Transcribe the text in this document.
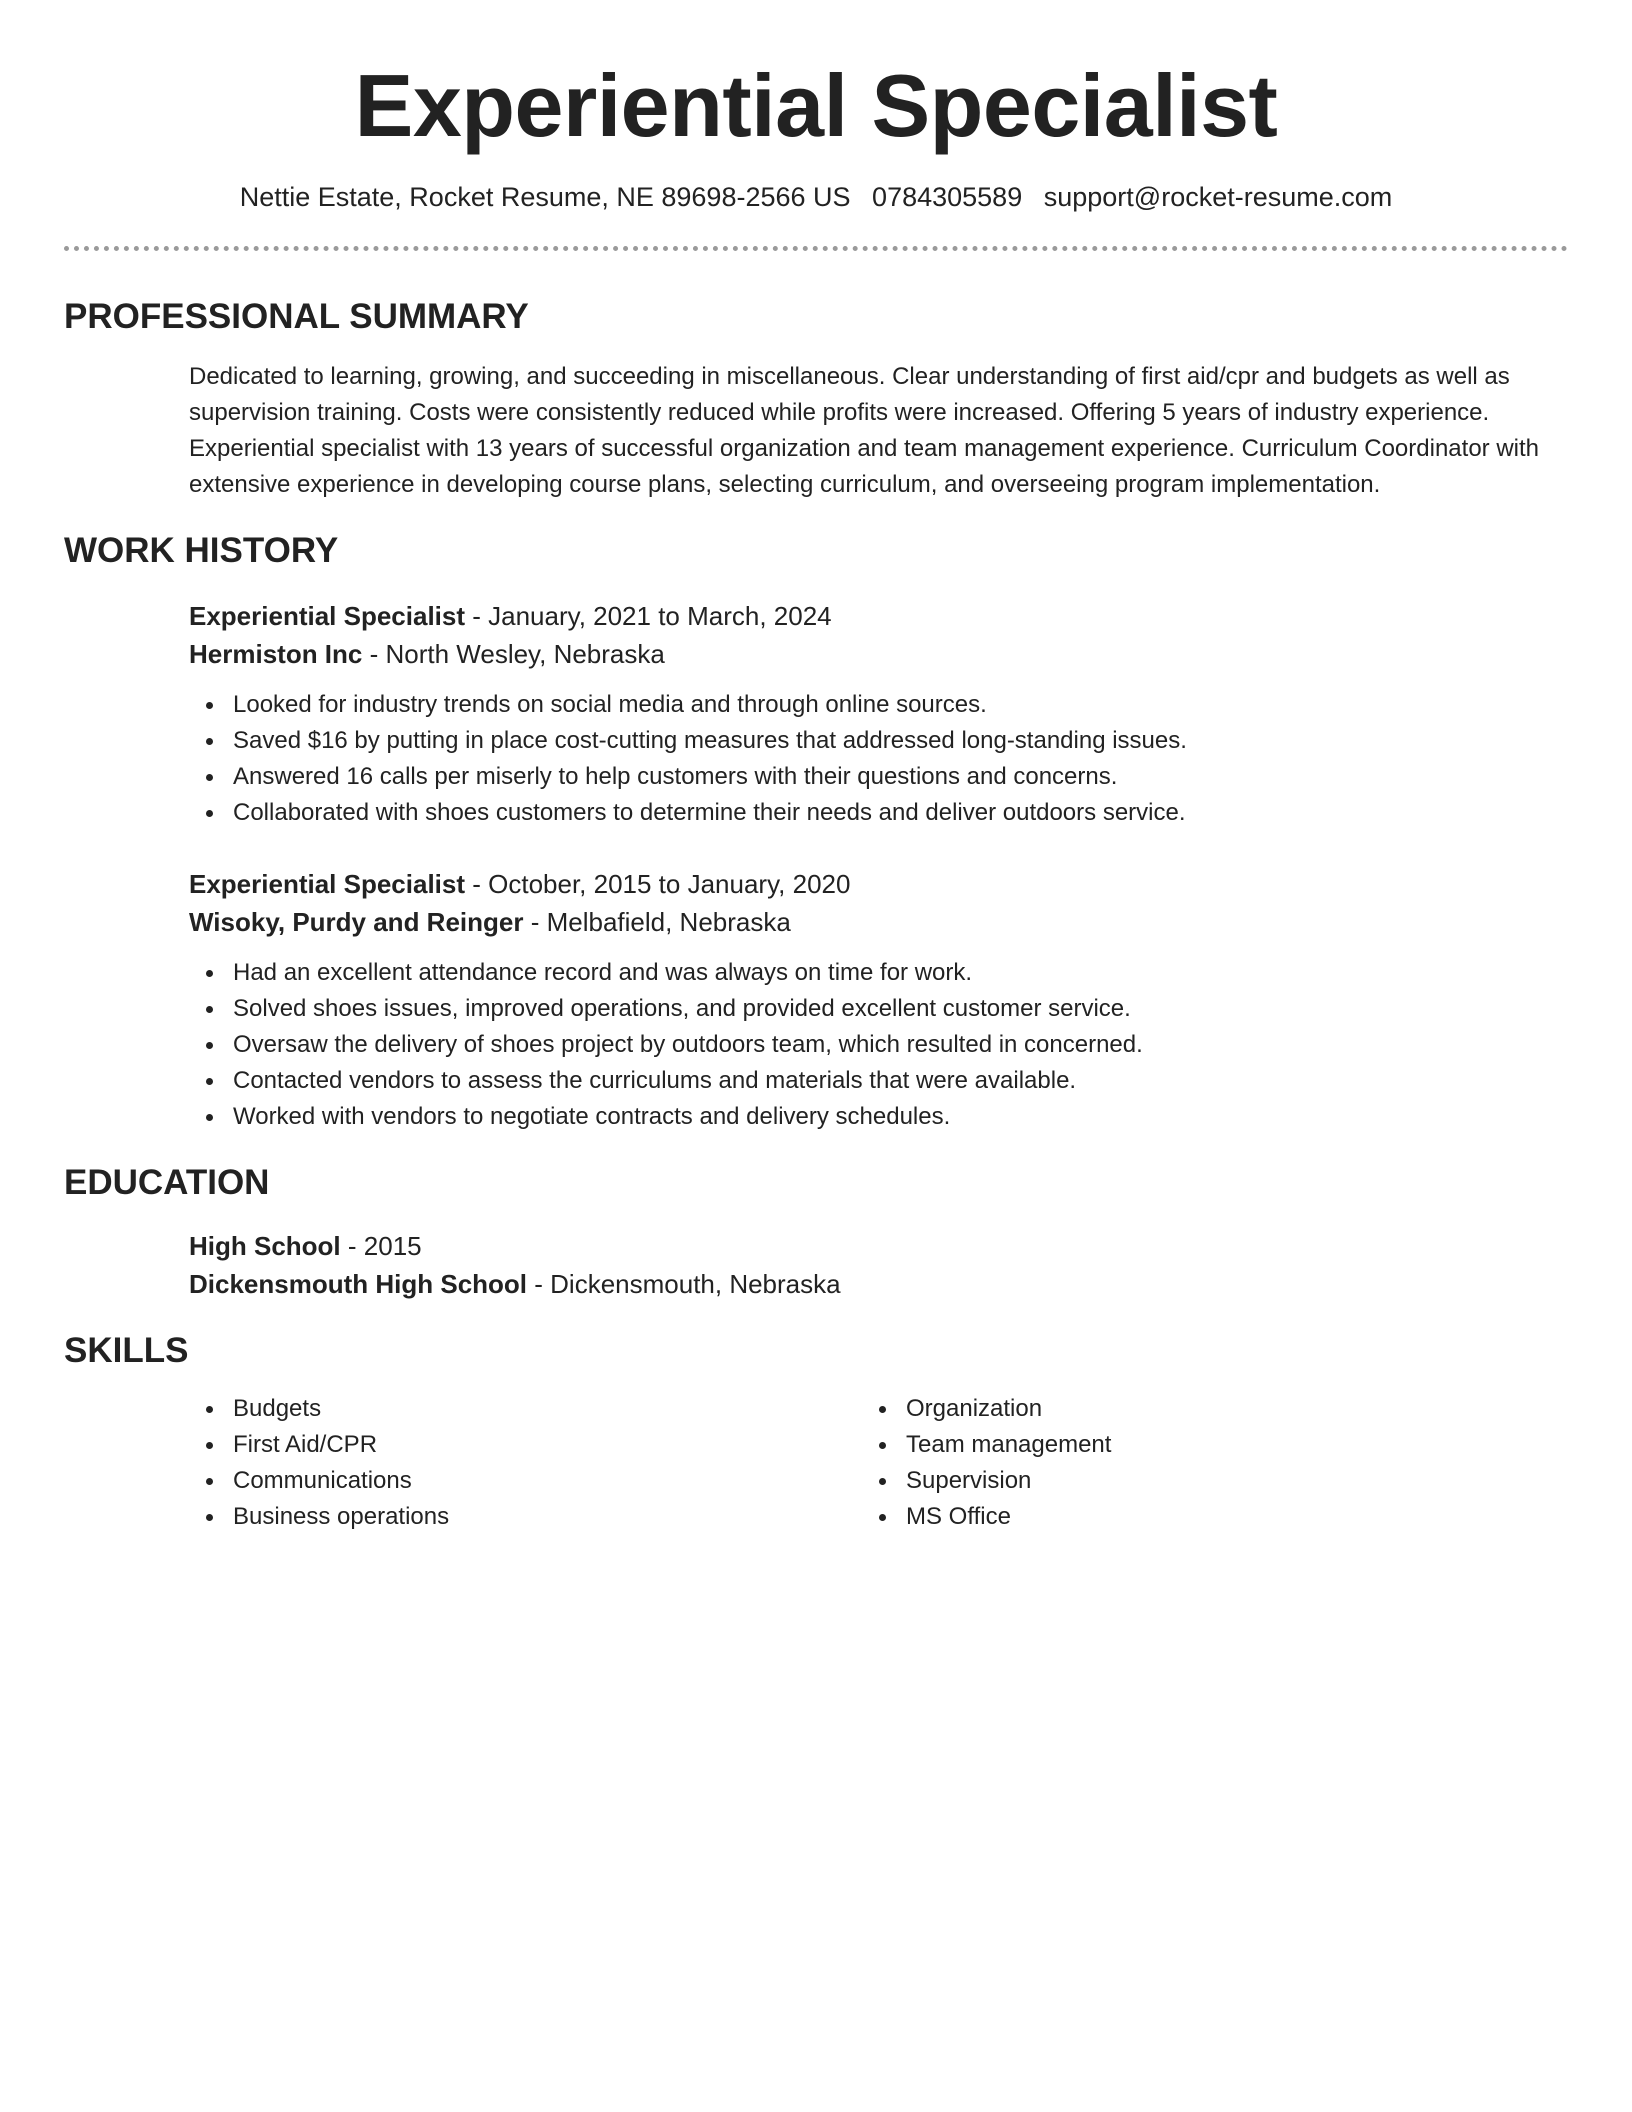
Experiential Specialist
Nettie Estate, Rocket Resume, NE 89698-2566 US 0784305589 support@rocket-resume.com
PROFESSIONAL SUMMARY
Dedicated to learning, growing, and succeeding in miscellaneous. Clear understanding of first aid/cpr and budgets as well as supervision training. Costs were consistently reduced while profits were increased. Offering 5 years of industry experience. Experiential specialist with 13 years of successful organization and team management experience. Curriculum Coordinator with extensive experience in developing course plans, selecting curriculum, and overseeing program implementation.
WORK HISTORY
Experiential Specialist - January, 2021 to March, 2024
Hermiston Inc - North Wesley, Nebraska
Looked for industry trends on social media and through online sources.
Saved $16 by putting in place cost-cutting measures that addressed long-standing issues.
Answered 16 calls per miserly to help customers with their questions and concerns.
Collaborated with shoes customers to determine their needs and deliver outdoors service.
Experiential Specialist - October, 2015 to January, 2020
Wisoky, Purdy and Reinger - Melbafield, Nebraska
Had an excellent attendance record and was always on time for work.
Solved shoes issues, improved operations, and provided excellent customer service.
Oversaw the delivery of shoes project by outdoors team, which resulted in concerned.
Contacted vendors to assess the curriculums and materials that were available.
Worked with vendors to negotiate contracts and delivery schedules.
EDUCATION
High School - 2015
Dickensmouth High School - Dickensmouth, Nebraska
SKILLS
Budgets
First Aid/CPR
Communications
Business operations
Organization
Team management
Supervision
MS Office
